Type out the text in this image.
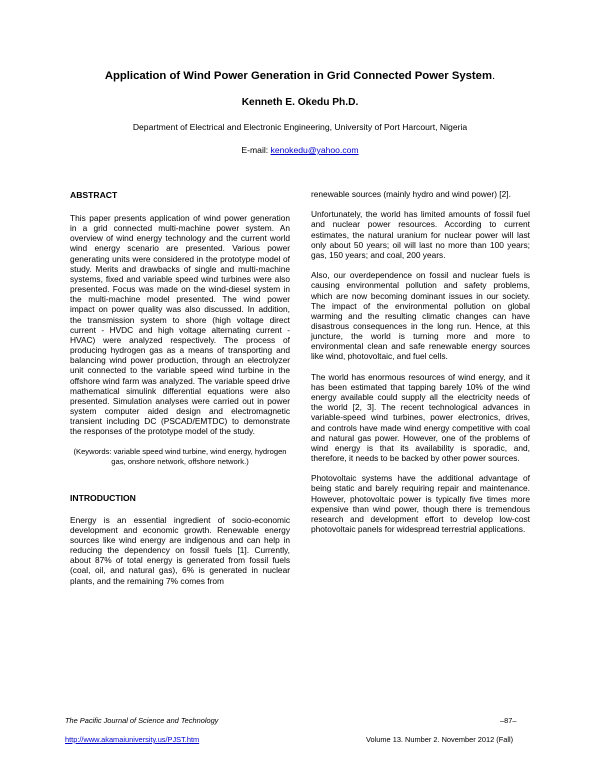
Application of Wind Power Generation in Grid Connected Power System.
Kenneth E. Okedu Ph.D.
Department of Electrical and Electronic Engineering, University of Port Harcourt, Nigeria
E-mail: kenokedu@yahoo.com
ABSTRACT

This paper presents application of wind power generation in a grid connected multi-machine power system. An overview of wind energy technology and the current world wind energy scenario are presented. Various power generating units were considered in the prototype model of study. Merits and drawbacks of single and multi-machine systems, fixed and variable speed wind turbines were also presented. Focus was made on the wind-diesel system in the multi-machine model presented. The wind power impact on power quality was also discussed. In addition, the transmission system to shore (high voltage direct current - HVDC and high voltage alternating current - HVAC) were analyzed respectively. The process of producing hydrogen gas as a means of transporting and balancing wind power production, through an electrolyzer unit connected to the variable speed wind turbine in the offshore wind farm was analyzed. The variable speed drive mathematical simulink differential equations were also presented. Simulation analyses were carried out in power system computer aided design and electromagnetic transient including DC (PSCAD/EMTDC) to demonstrate the responses of the prototype model of the study.

(Keywords: variable speed wind turbine, wind energy, hydrogen gas, onshore network, offshore network.)
INTRODUCTION

Energy is an essential ingredient of socio-economic development and economic growth. Renewable energy sources like wind energy are indigenous and can help in reducing the dependency on fossil fuels [1]. Currently, about 87% of total energy is generated from fossil fuels (coal, oil, and natural gas), 6% is generated in nuclear plants, and the remaining 7% comes from

renewable sources (mainly hydro and wind power) [2].

Unfortunately, the world has limited amounts of fossil fuel and nuclear power resources. According to current estimates, the natural uranium for nuclear power will last only about 50 years; oil will last no more than 100 years; gas, 150 years; and coal, 200 years.

Also, our overdependence on fossil and nuclear fuels is causing environmental pollution and safety problems, which are now becoming dominant issues in our society. The impact of the environmental pollution on global warming and the resulting climatic changes can have disastrous consequences in the long run. Hence, at this juncture, the world is turning more and more to environmental clean and safe renewable energy sources like wind, photovoltaic, and fuel cells.

The world has enormous resources of wind energy, and it has been estimated that tapping barely 10% of the wind energy available could supply all the electricity needs of the world [2, 3]. The recent technological advances in variable-speed wind turbines, power electronics, drives, and controls have made wind energy competitive with coal and natural gas power. However, one of the problems of wind energy is that its availability is sporadic, and, therefore, it needs to be backed by other power sources.

Photovoltaic systems have the additional advantage of being static and barely requiring repair and maintenance. However, photovoltaic power is typically five times more expensive than wind power, though there is tremendous research and development effort to develop low-cost photovoltaic panels for widespread terrestrial applications.

The Pacific Journal of Science and Technology
http://www.akamaiuniversity.us/PJST.htm
–87–
Volume 13. Number 2. November 2012 (Fall)
